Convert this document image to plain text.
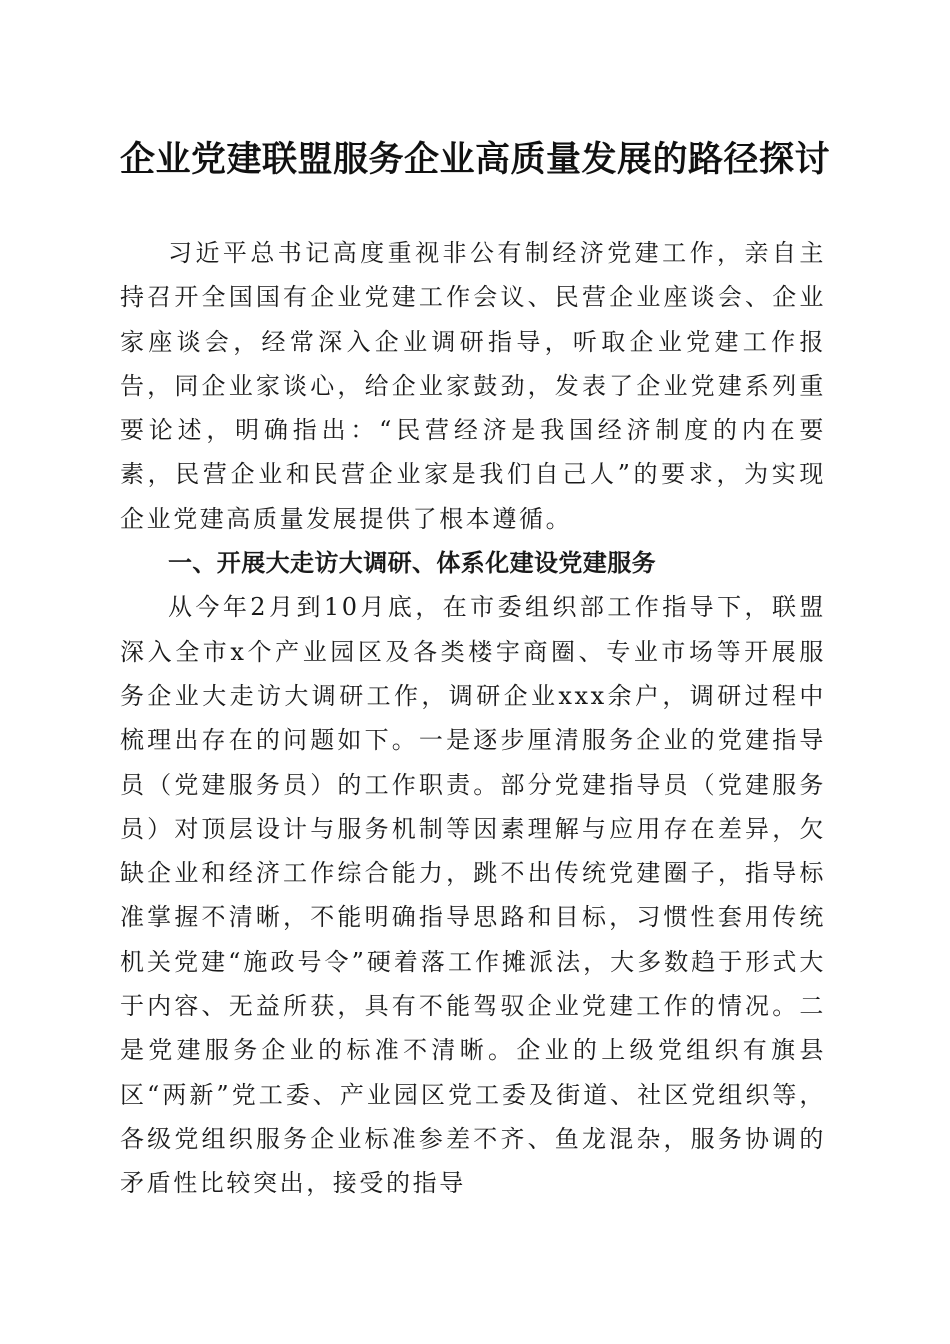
企业党建联盟服务企业高质量发展的路径探讨

习近平总书记高度重视非公有制经济党建工作，亲自主持召开全国国有企业党建工作会议、民营企业座谈会、企业家座谈会，经常深入企业调研指导，听取企业党建工作报告，同企业家谈心，给企业家鼓劲，发表了企业党建系列重要论述，明确指出：“民营经济是我国经济制度的内在要素，民营企业和民营企业家是我们自己人”的要求，为实现企业党建高质量发展提供了根本遵循。

一、开展大走访大调研、体系化建设党建服务

从今年2月到10月底，在市委组织部工作指导下，联盟深入全市x个产业园区及各类楼宇商圈、专业市场等开展服务企业大走访大调研工作，调研企业xxx余户，调研过程中梳理出存在的问题如下。一是逐步厘清服务企业的党建指导员（党建服务员）的工作职责。部分党建指导员（党建服务员）对顶层设计与服务机制等因素理解与应用存在差异，欠缺企业和经济工作综合能力，跳不出传统党建圈子，指导标准掌握不清晰，不能明确指导思路和目标，习惯性套用传统机关党建“施政号令”硬着落工作摊派法，大多数趋于形式大于内容、无益所获，具有不能驾驭企业党建工作的情况。二是党建服务企业的标准不清晰。企业的上级党组织有旗县区“两新”党工委、产业园区党工委及街道、社区党组织等，各级党组织服务企业标准参差不齐、鱼龙混杂，服务协调的矛盾性比较突出，接受的指导
